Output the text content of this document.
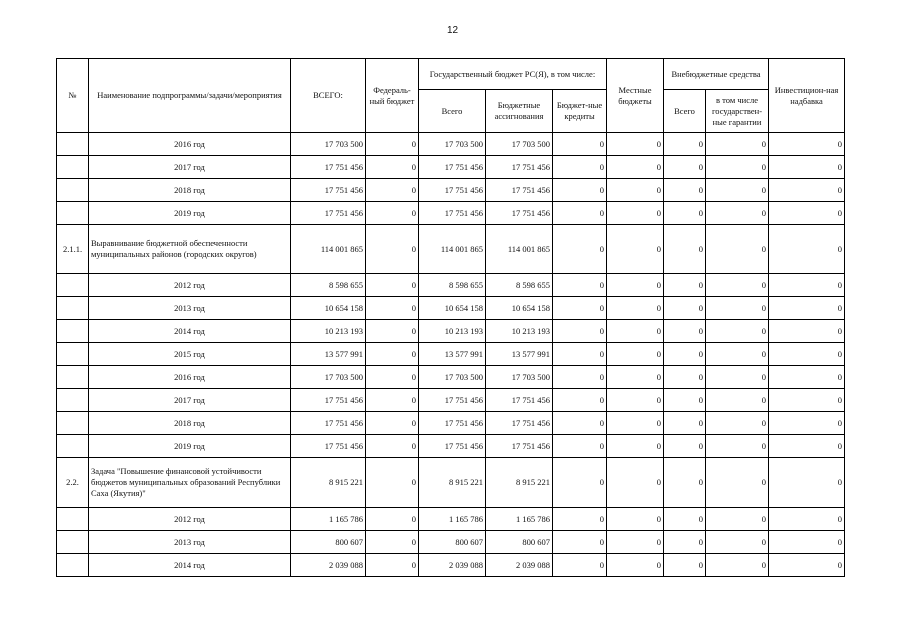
12
№	Наименование подпрограммы/задачи/мероприятия	ВСЕГО:	Федераль-ный бюджет	Государственный бюджет РС(Я), в том числе:			Местные бюджеты	Внебюджетные средства		Инвестицион-ная надбавка
				Всего	Бюджетные ассигнования	Бюджет-ные кредиты		Всего	в том числе государствен-ные гарантии	
	2016 год	17 703 500	0	17 703 500	17 703 500	0	0	0	0	0
	2017 год	17 751 456	0	17 751 456	17 751 456	0	0	0	0	0
	2018 год	17 751 456	0	17 751 456	17 751 456	0	0	0	0	0
	2019 год	17 751 456	0	17 751 456	17 751 456	0	0	0	0	0
2.1.1.	Выравнивание бюджетной обеспеченности муниципальных районов (городских округов)	114 001 865	0	114 001 865	114 001 865	0	0	0	0	0
	2012 год	8 598 655	0	8 598 655	8 598 655	0	0	0	0	0
	2013 год	10 654 158	0	10 654 158	10 654 158	0	0	0	0	0
	2014 год	10 213 193	0	10 213 193	10 213 193	0	0	0	0	0
	2015 год	13 577 991	0	13 577 991	13 577 991	0	0	0	0	0
	2016 год	17 703 500	0	17 703 500	17 703 500	0	0	0	0	0
	2017 год	17 751 456	0	17 751 456	17 751 456	0	0	0	0	0
	2018 год	17 751 456	0	17 751 456	17 751 456	0	0	0	0	0
	2019 год	17 751 456	0	17 751 456	17 751 456	0	0	0	0	0
2.2.	Задача "Повышение финансовой устойчивости бюджетов муниципальных образований Республики Саха (Якутия)"	8 915 221	0	8 915 221	8 915 221	0	0	0	0	0
	2012 год	1 165 786	0	1 165 786	1 165 786	0	0	0	0	0
	2013 год	800 607	0	800 607	800 607	0	0	0	0	0
	2014 год	2 039 088	0	2 039 088	2 039 088	0	0	0	0	0
